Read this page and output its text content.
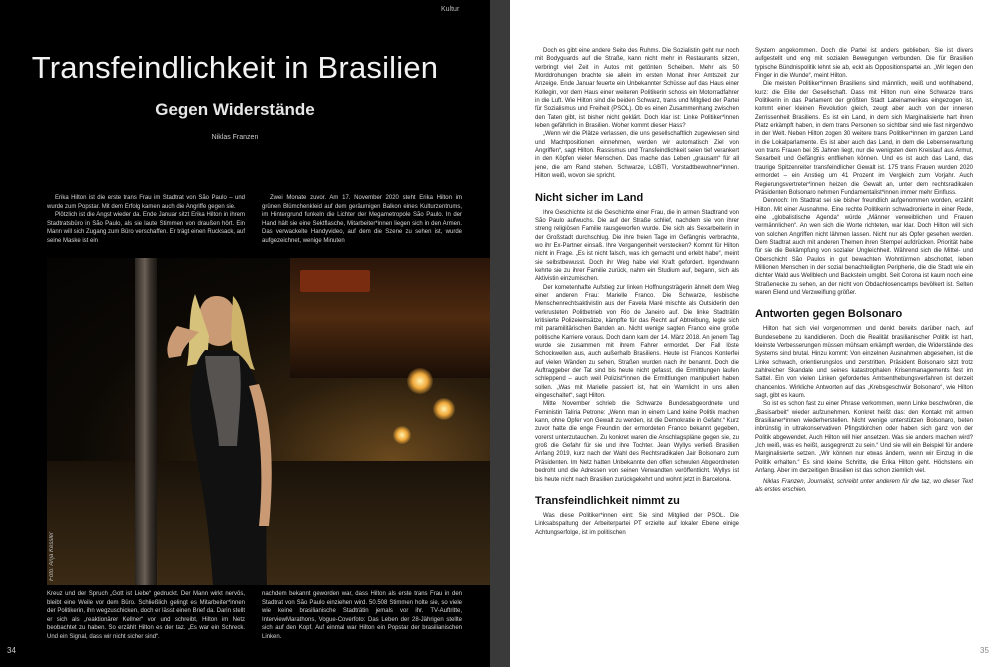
Kultur
Transfeindlichkeit in Brasilien
Gegen Widerstände
Niklas Franzen

Erika Hilton ist die erste trans Frau im Stadtrat von São Paulo – und wurde zum Popstar. Mit dem Erfolg kamen auch die Angriffe gegen sie.

Plötzlich ist die Angst wieder da. Ende Januar sitzt Erika Hilton in ihrem Stadtratsbüro in São Paulo, als sie laute Stimmen von draußen hört. Ein Mann will sich Zugang zum Büro verschaffen. Er trägt einen Rucksack, auf seine Maske ist ein

Zwei Monate zuvor. Am 17. November 2020 steht Erika Hilton im grünen Blümchenkleid auf dem geräumigen Balkon eines Kulturzentrums, im Hintergrund funkeln die Lichter der Megametropole São Paulo. In der Hand hält sie eine Sektflasche, Mitarbeiter*innen liegen sich in den Armen. Das verwackelte Handyvideo, auf dem die Szene zu sehen ist, wurde aufgezeichnet, wenige Minuten

Foto: Anja Kessler

Kreuz und der Spruch „Gott ist Liebe“ gedruckt. Der Mann wirkt nervös, bleibt eine Weile vor dem Büro. Schließlich gelingt es Mitarbeiter*innen der Politikerin, ihn wegzuschicken, doch er lässt einen Brief da. Darin stellt er sich als „reaktionärer Kellner“ vor und schreibt, Hilton im Netz beobachtet zu haben. So erzählt Hilton es der taz. „Es war ein Schreck. Und ein Signal, dass wir nicht sicher sind“.

nachdem bekannt geworden war, dass Hilton als erste trans Frau in den Stadtrat von São Paulo einziehen wird. 50.508 Stimmen holte sie, so viele wie keine brasilianische Stadträtin jemals vor ihr. TV-Auftritte, InterviewMarathons, Vogue-Coverfoto: Das Leben der 28-Jährigen stellte sich auf den Kopf. Auf einmal war Hilton ein Popstar der brasilianischen Linken.

34

Doch es gibt eine andere Seite des Ruhms. Die Sozialistin geht nur noch mit Bodyguards auf die Straße, kann nicht mehr in Restaurants sitzen, verbringt viel Zeit in Autos mit getönten Scheiben. Mehr als 50 Morddrohungen brachte sie allein im ersten Monat ihrer Amtszeit zur Anzeige. Ende Januar feuerte ein Unbekannter Schüsse auf das Haus einer Kollegin, vor dem Haus einer weiteren Politikerin schoss ein Motorradfahrer in die Luft. Wie Hilton sind die beiden Schwarz, trans und Mitglied der Partei für Sozialismus und Freiheit (PSOL). Ob es einen Zusammenhang zwischen den Taten gibt, ist bisher nicht geklärt. Doch klar ist: Linke Politiker*innen leben gefährlich in Brasilien. Woher kommt dieser Hass?

„Wenn wir die Plätze verlassen, die uns gesellschaftlich zugewiesen sind und Machtpositionen einnehmen, werden wir automatisch Ziel von Angriffen“, sagt Hilton. Rassismus und Transfeindlichkeit seien tief verankert in den Köpfen vieler Menschen. Das mache das Leben „grausam“ für all jene, die am Rand stehen. Schwarze, LGBTI, Vorstadtbewohner*innen. Hilton weiß, wovon sie spricht.

Nicht sicher im Land

Ihre Geschichte ist die Geschichte einer Frau, die in armen Stadtrand von São Paulo aufwuchs. Die auf der Straße schlief, nachdem sie von ihrer streng religiösen Familie rausgeworfen wurde. Die sich als Sexarbeiterin in der Großstadt durchschlug. Die ihre freien Tage im Gefängnis verbrachte, wo ihr Ex-Partner einsaß. Ihre Vergangenheit verstecken? Kommt für Hilton nicht in Frage. „Es ist nicht falsch, was ich gemacht und erlebt habe“, meint sie selbstbewusst. Doch ihr Weg habe viel Kraft gefordert. Irgendwann kehrte sie zu ihrer Familie zurück, nahm ein Studium auf, begann, sich als Aktivistin einzumischen.

Der kometenhafte Aufstieg zur linken Hoffnungsträgerin ähnelt dem Weg einer anderen Frau: Marielle Franco. Die Schwarze, lesbische Menschenrechtsaktivistin aus der Favela Maré mischte als Outsiderin den verkrusteten Politbetrieb von Rio de Janeiro auf. Die linke Stadträtin kritisierte Polizeieinsätze, kämpfte für das Recht auf Abtreibung, legte sich mit paramilitärischen Banden an. Nicht wenige sagten Franco eine große politische Karriere voraus. Doch dann kam der 14. März 2018. An jenem Tag wurde sie zusammen mit ihrem Fahrer ermordet. Der Fall löste Schockwellen aus, auch außerhalb Brasiliens. Heute ist Francos Konterfei auf vielen Wänden zu sehen, Straßen wurden nach ihr benannt. Doch die Auftraggeber der Tat sind bis heute nicht gefasst, die Ermittlungen laufen schleppend – auch weil Polizist*innen die Ermittlungen manipuliert haben sollen. „Was mit Marielle passiert ist, hat ein Warnlicht in uns allen eingeschaltet“, sagt Hilton.

Mitte November schrieb die Schwarze Bundesabgeordnete und Feministin Talíria Petrone: „Wenn man in einem Land keine Politik machen kann, ohne Opfer von Gewalt zu werden, ist die Demokratie in Gefahr.“ Kurz zuvor hatte die enge Freundin der ermordeten Franco bekannt gegeben, vorerst unterzutauchen. Zu konkret waren die Anschlagspläne gegen sie, zu groß die Gefahr für sie und ihre Tochter. Jean Wyllys verließ Brasilien Anfang 2019, kurz nach der Wahl des Rechtsradikalen Jair Bolsonaro zum Präsidenten. Im Netz hatten Unbekannte den offen schwulen Abgeordneten bedroht und die Adressen von seinen Verwandten veröffentlicht. Wyllys ist bis heute nicht nach Brasilien zurückgekehrt und wohnt jetzt in Barcelona.

Transfeindlichkeit nimmt zu

Was diese Politiker*innen eint: Sie sind Mitglied der PSOL. Die Linksabspaltung der Arbeiterpartei PT erzielte auf lokaler Ebene einige Achtungserfolge, ist im politischen

System angekommen. Doch die Partei ist anders geblieben. Sie ist divers aufgestellt und eng mit sozialen Bewegungen verbunden. Die für Brasilien typische Bündnispolitik lehnt sie ab, eckt als Oppositionspartei an. „Wir legen den Finger in die Wunde“, meint Hilton.

Die meisten Politiker*innen Brasiliens sind männlich, weiß und wohlhabend, kurz: die Elite der Gesellschaft. Dass mit Hilton nun eine Schwarze trans Politikerin in das Parlament der größten Stadt Lateinamerikas eingezogen ist, kommt einer kleinen Revolution gleich, zeugt aber auch von der inneren Zerrissenheit Brasiliens. Es ist ein Land, in dem sich Marginalisierte hart ihren Platz erkämpft haben, in dem trans Personen so sichtbar sind wie fast nirgendwo in der Welt. Neben Hilton zogen 30 weitere trans Politiker*innen im ganzen Land in die Lokalparlamente. Es ist aber auch das Land, in dem die Lebenserwartung von trans Frauen bei 35 Jahren liegt, nur die wenigsten dem Kreislauf aus Armut, Sexarbeit und Gefängnis entfliehen können. Und es ist auch das Land, das traurige Spitzenreiter transfeindlicher Gewalt ist. 175 trans Frauen wurden 2020 ermordet – ein Anstieg um 41 Prozent im Vergleich zum Vorjahr. Auch Regierungsvertreter*innen heizen die Gewalt an, unter dem rechtsradikalen Präsidenten Bolsonaro nehmen Fundamentalist*innen immer mehr Einfluss.

Dennoch: Im Stadtrat sei sie bisher freundlich aufgenommen worden, erzählt Hilton. Mit einer Ausnahme. Eine rechte Politikerin schwadronierte in einer Rede, eine „globalistische Agenda“ würde „Männer verweiblichen und Frauen vermännlichen“. An wen sich die Worte richteten, war klar. Doch Hilton will sich von solchen Angriffen nicht lähmen lassen. Nicht nur als Opfer gesehen werden. Dem Stadtrat auch mit anderen Themen ihren Stempel aufdrücken. Priorität habe für sie die Bekämpfung von sozialer Ungleichheit. Während sich die Mittel- und Oberschicht São Paulos in gut bewachten Wohntürmen abschottet, leben Millionen Menschen in der sozial benachteiligten Peripherie, die die Stadt wie ein dichter Wald aus Wellblech und Backstein umgibt. Seit Corona ist kaum noch eine Straßenecke zu sehen, an der nicht von Obdachlosencamps bevölkert ist. Selten waren Elend und Verzweiflung größer.

Antworten gegen Bolsonaro

Hilton hat sich viel vorgenommen und denkt bereits darüber nach, auf Bundesebene zu kandidieren. Doch die Realität brasilianischer Politik ist hart, kleinste Verbesserungen müssen mühsam erkämpft werden, die Widerstände des Systems sind brutal. Hinzu kommt: Von einzelnen Ausnahmen abgesehen, ist die Linke schwach, orientierungslos und zerstritten. Präsident Bolsonaro sitzt trotz zahlreicher Skandale und seines katastrophalen Krisenmanagements fest im Sattel. Ein von vielen Linken gefordertes Amtsenthebungsverfahren ist derzeit chancenlos. Wirkliche Antworten auf das „Krebsgeschwür Bolsonaro“, wie Hilton sagt, gibt es kaum.

So ist es schon fast zu einer Phrase verkommen, wenn Linke beschwören, die „Basisarbeit“ wieder aufzunehmen. Konkret heißt das: den Kontakt mit armen Brasilianer*innen wiederherstellen. Nicht wenige unterstützen Bolsonaro, beten inbrünstig in ultrakonservativen Pfingstkirchen oder haben sich ganz von der Politik abgewendet. Auch Hilton will hier ansetzen. Was sie anders machen wird? „Ich weiß, was es heißt, ausgegrenzt zu sein.“ Und sie will ein Beispiel für andere Marginalisierte setzen. „Wir können nur etwas ändern, wenn wir Einzug in die Politik erhalten.“ Es sind kleine Schritte, die Erika Hilton geht. Höchstens ein Anfang. Aber im derzeitigen Brasilien ist das schon ziemlich viel.

Niklas Franzen, Journalist, schreibt unter anderem für die taz, wo dieser Text als erstes erschien.

35
